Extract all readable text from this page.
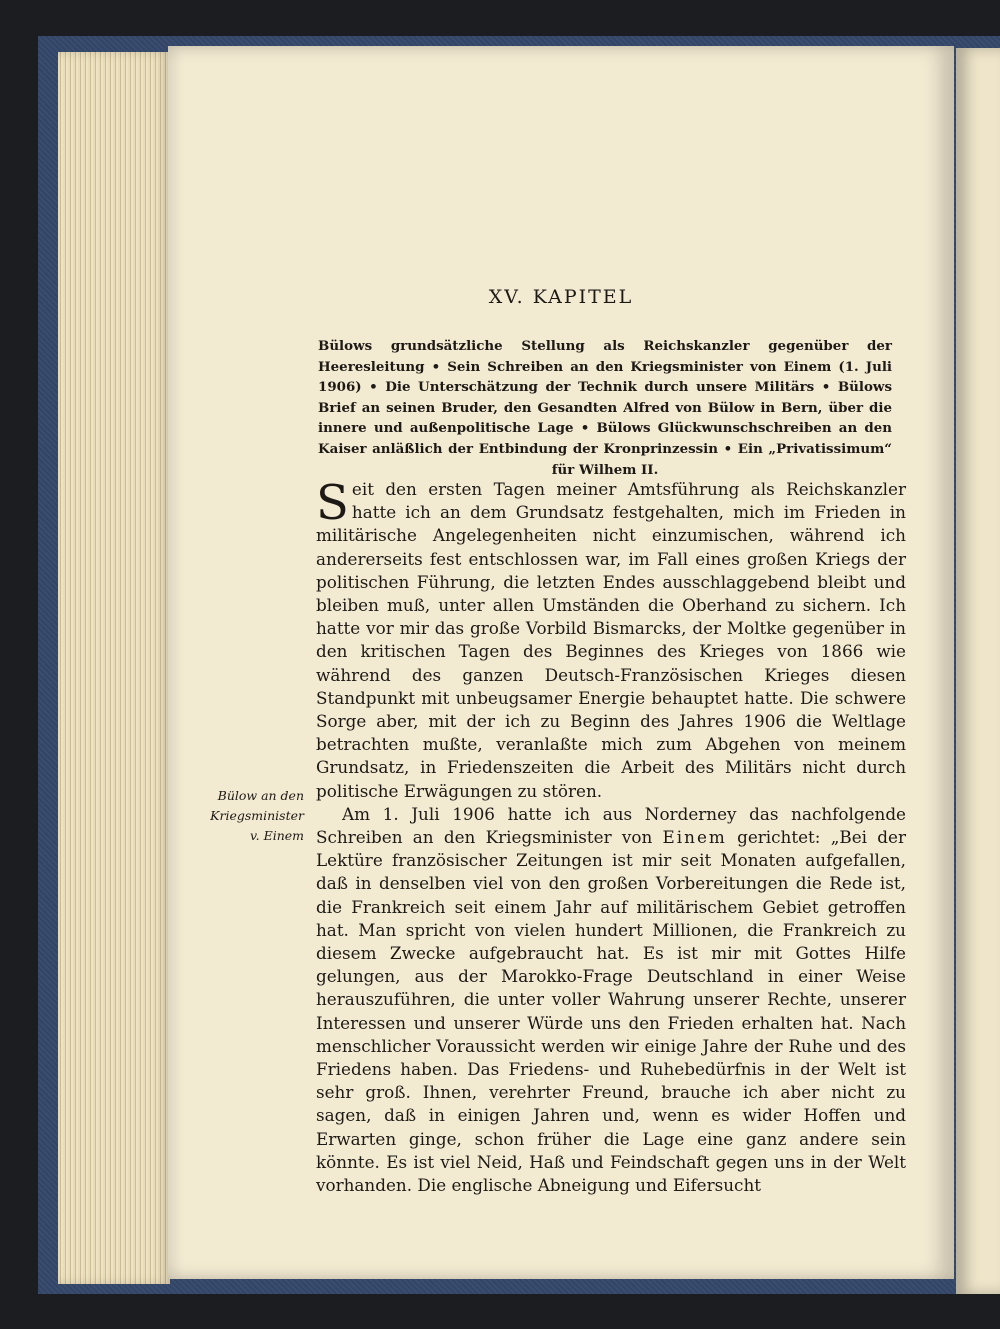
XV. KAPITEL
Bülows grundsätzliche Stellung als Reichskanzler gegenüber der Heeresleitung • Sein Schreiben an den Kriegsminister von Einem (1. Juli 1906) • Die Unterschätzung der Technik durch unsere Militärs • Bülows Brief an seinen Bruder, den Gesandten Alfred von Bülow in Bern, über die innere und außenpolitische Lage • Bülows Glückwunschschreiben an den Kaiser anläßlich der Entbindung der Kronprinzessin • Ein „Privatissimum“ für Wilhem II.
Bülow an den
Kriegsminister
v. Einem

Seit den ersten Tagen meiner Amtsführung als Reichskanzler hatte ich an dem Grundsatz festgehalten, mich im Frieden in militärische Angelegenheiten nicht einzumischen, während ich andererseits fest entschlossen war, im Fall eines großen Kriegs der politischen Führung, die letzten Endes ausschlaggebend bleibt und bleiben muß, unter allen Umständen die Oberhand zu sichern. Ich hatte vor mir das große Vorbild Bismarcks, der Moltke gegenüber in den kritischen Tagen des Beginnes des Krieges von 1866 wie während des ganzen Deutsch-Französischen Krieges diesen Standpunkt mit unbeugsamer Energie behauptet hatte. Die schwere Sorge aber, mit der ich zu Beginn des Jahres 1906 die Weltlage betrachten mußte, veranlaßte mich zum Abgehen von meinem Grundsatz, in Friedenszeiten die Arbeit des Militärs nicht durch politische Erwägungen zu stören.

Am 1. Juli 1906 hatte ich aus Norderney das nachfolgende Schreiben an den Kriegsminister von Einem gerichtet: „Bei der Lektüre französischer Zeitungen ist mir seit Monaten aufgefallen, daß in denselben viel von den großen Vorbereitungen die Rede ist, die Frankreich seit einem Jahr auf militärischem Gebiet getroffen hat. Man spricht von vielen hundert Millionen, die Frankreich zu diesem Zwecke aufgebraucht hat. Es ist mir mit Gottes Hilfe gelungen, aus der Marokko-Frage Deutschland in einer Weise herauszuführen, die unter voller Wahrung unserer Rechte, unserer Interessen und unserer Würde uns den Frieden erhalten hat. Nach menschlicher Voraussicht werden wir einige Jahre der Ruhe und des Friedens haben. Das Friedens- und Ruhebedürfnis in der Welt ist sehr groß. Ihnen, verehrter Freund, brauche ich aber nicht zu sagen, daß in einigen Jahren und, wenn es wider Hoffen und Erwarten ginge, schon früher die Lage eine ganz andere sein könnte. Es ist viel Neid, Haß und Feindschaft gegen uns in der Welt vorhanden. Die englische Abneigung und Eifersucht
